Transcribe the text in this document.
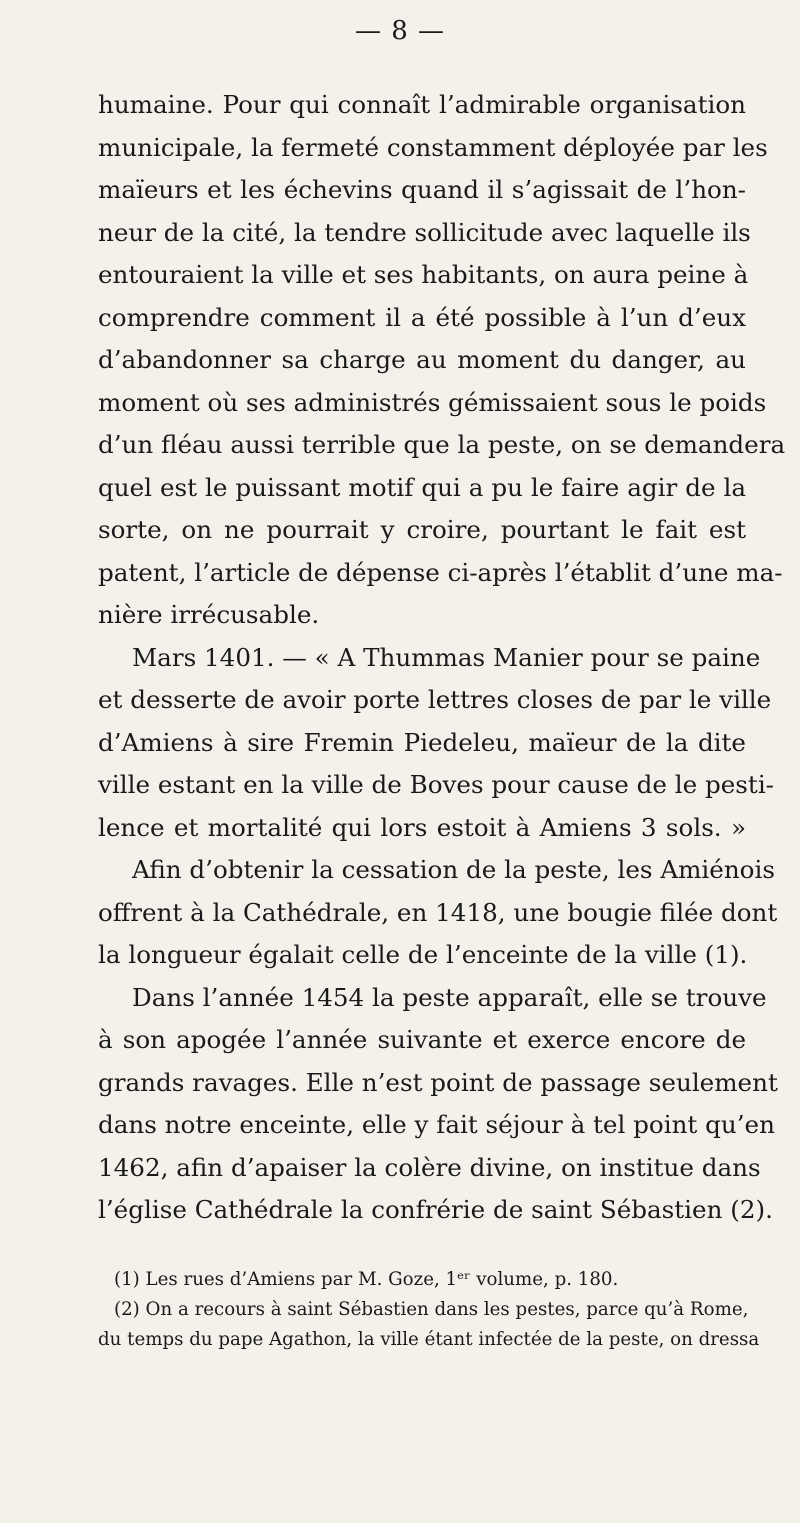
— 8 —
humaine. Pour qui connaît l’admirable organisation
municipale, la fermeté constamment déployée par les
maïeurs et les échevins quand il s’agissait de l’hon-
neur de la cité, la tendre sollicitude avec laquelle ils
entouraient la ville et ses habitants, on aura peine à
comprendre comment il a été possible à l’un d’eux
d’abandonner sa charge au moment du danger, au
moment où ses administrés gémissaient sous le poids
d’un fléau aussi terrible que la peste, on se demandera
quel est le puissant motif qui a pu le faire agir de la
sorte, on ne pourrait y croire, pourtant le fait est
patent, l’article de dépense ci-après l’établit d’une ma-
nière irrécusable.
Mars 1401. — « A Thummas Manier pour se paine
et desserte de avoir porte lettres closes de par le ville
d’Amiens à sire Fremin Piedeleu, maïeur de la dite
ville estant en la ville de Boves pour cause de le pesti-
lence et mortalité qui lors estoit à Amiens 3 sols. »
Afin d’obtenir la cessation de la peste, les Amiénois
offrent à la Cathédrale, en 1418, une bougie filée dont
la longueur égalait celle de l’enceinte de la ville (1).
Dans l’année 1454 la peste apparaît, elle se trouve
à son apogée l’année suivante et exerce encore de
grands ravages. Elle n’est point de passage seulement
dans notre enceinte, elle y fait séjour à tel point qu’en
1462, afin d’apaiser la colère divine, on institue dans
l’église Cathédrale la confrérie de saint Sébastien (2).
(1) Les rues d’Amiens par M. Goze, 1ᵉʳ volume, p. 180.
(2) On a recours à saint Sébastien dans les pestes, parce qu’à Rome,
du temps du pape Agathon, la ville étant infectée de la peste, on dressa
